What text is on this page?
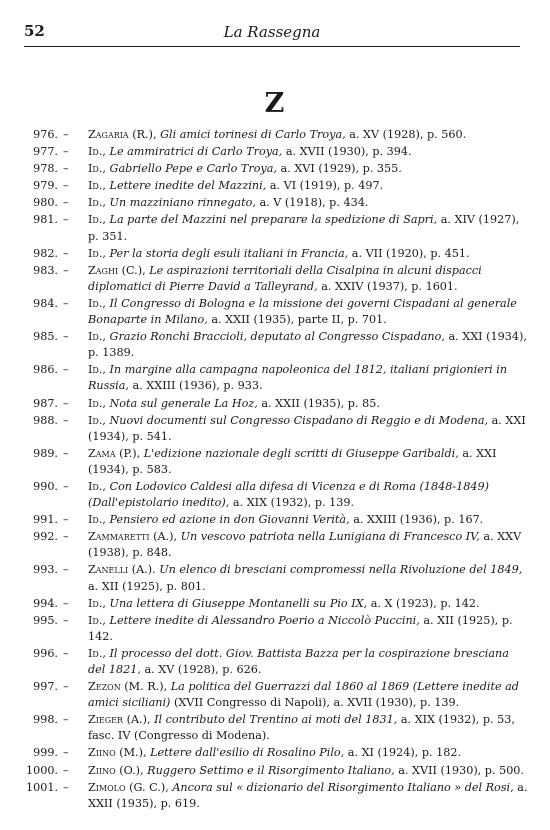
52	La Rassegna
Z
976. – Zagaria (R.), Gli amici torinesi di Carlo Troya, a. XV (1928), p. 560.
977. – Id., Le ammiratrici di Carlo Troya, a. XVII (1930), p. 394.
978. – Id., Gabriello Pepe e Carlo Troya, a. XVI (1929), p. 355.
979. – Id., Lettere inedite del Mazzini, a. VI (1919), p. 497.
980. – Id., Un mazziniano rinnegato, a. V (1918), p. 434.
981. – Id., La parte del Mazzini nel preparare la spedizione di Sapri, a. XIV (1927), p. 351.
982. – Id., Per la storia degli esuli italiani in Francia, a. VII (1920), p. 451.
983. – Zaghi (C.), Le aspirazioni territoriali della Cisalpina in alcuni dispacci diplomatici di Pierre David a Talleyrand, a. XXIV (1937), p. 1601.
984. – Id., Il Congresso di Bologna e la missione dei governi Cispadani al generale Bonaparte in Milano, a. XXII (1935), parte II, p. 701.
985. – Id., Grazio Ronchi Braccioli, deputato al Congresso Cispadano, a. XXI (1934), p. 1389.
986. – Id., In margine alla campagna napoleonica del 1812, italiani prigionieri in Russia, a. XXIII (1936), p. 933.
987. – Id., Nota sul generale La Hoz, a. XXII (1935), p. 85.
988. – Id., Nuovi documenti sul Congresso Cispadano di Reggio e di Modena, a. XXI (1934), p. 541.
989. – Zama (P.), L'edizione nazionale degli scritti di Giuseppe Garibaldi, a. XXI (1934), p. 583.
990. – Id., Con Lodovico Caldesi alla difesa di Vicenza e di Roma (1848-1849) (Dall'epistolario inedito), a. XIX (1932), p. 139.
991. – Id., Pensiero ed azione in don Giovanni Verità, a. XXIII (1936), p. 167.
992. – Zammaretti (A.), Un vescovo patriota nella Lunigiana di Francesco IV, a. XXV (1938), p. 848.
993. – Zanelli (A.). Un elenco di bresciani compromessi nella Rivoluzione del 1849, a. XII (1925), p. 801.
994. – Id., Una lettera di Giuseppe Montanelli su Pio IX, a. X (1923), p. 142.
995. – Id., Lettere inedite di Alessandro Poerio a Niccolò Puccini, a. XII (1925), p. 142.
996. – Id., Il processo del dott. Giov. Battista Bazza per la cospirazione bresciana del 1821, a. XV (1928), p. 626.
997. – Zezon (M. R.), La politica del Guerrazzi dal 1860 al 1869 (Lettere inedite ad amici siciliani) (XVII Congresso di Napoli), a. XVII (1930), p. 139.
998. – Zieger (A.), Il contributo del Trentino ai moti del 1831, a. XIX (1932), p. 53, fasc. IV (Congresso di Modena).
999. – Ziino (M.), Lettere dall'esilio di Rosalino Pilo, a. XI (1924), p. 182.
1000. – Ziino (O.), Ruggero Settimo e il Risorgimento Italiano, a. XVII (1930), p. 500.
1001. – Zimolo (G. C.), Ancora sul « dizionario del Risorgimento Italiano » del Rosi, a. XXII (1935), p. 619.
